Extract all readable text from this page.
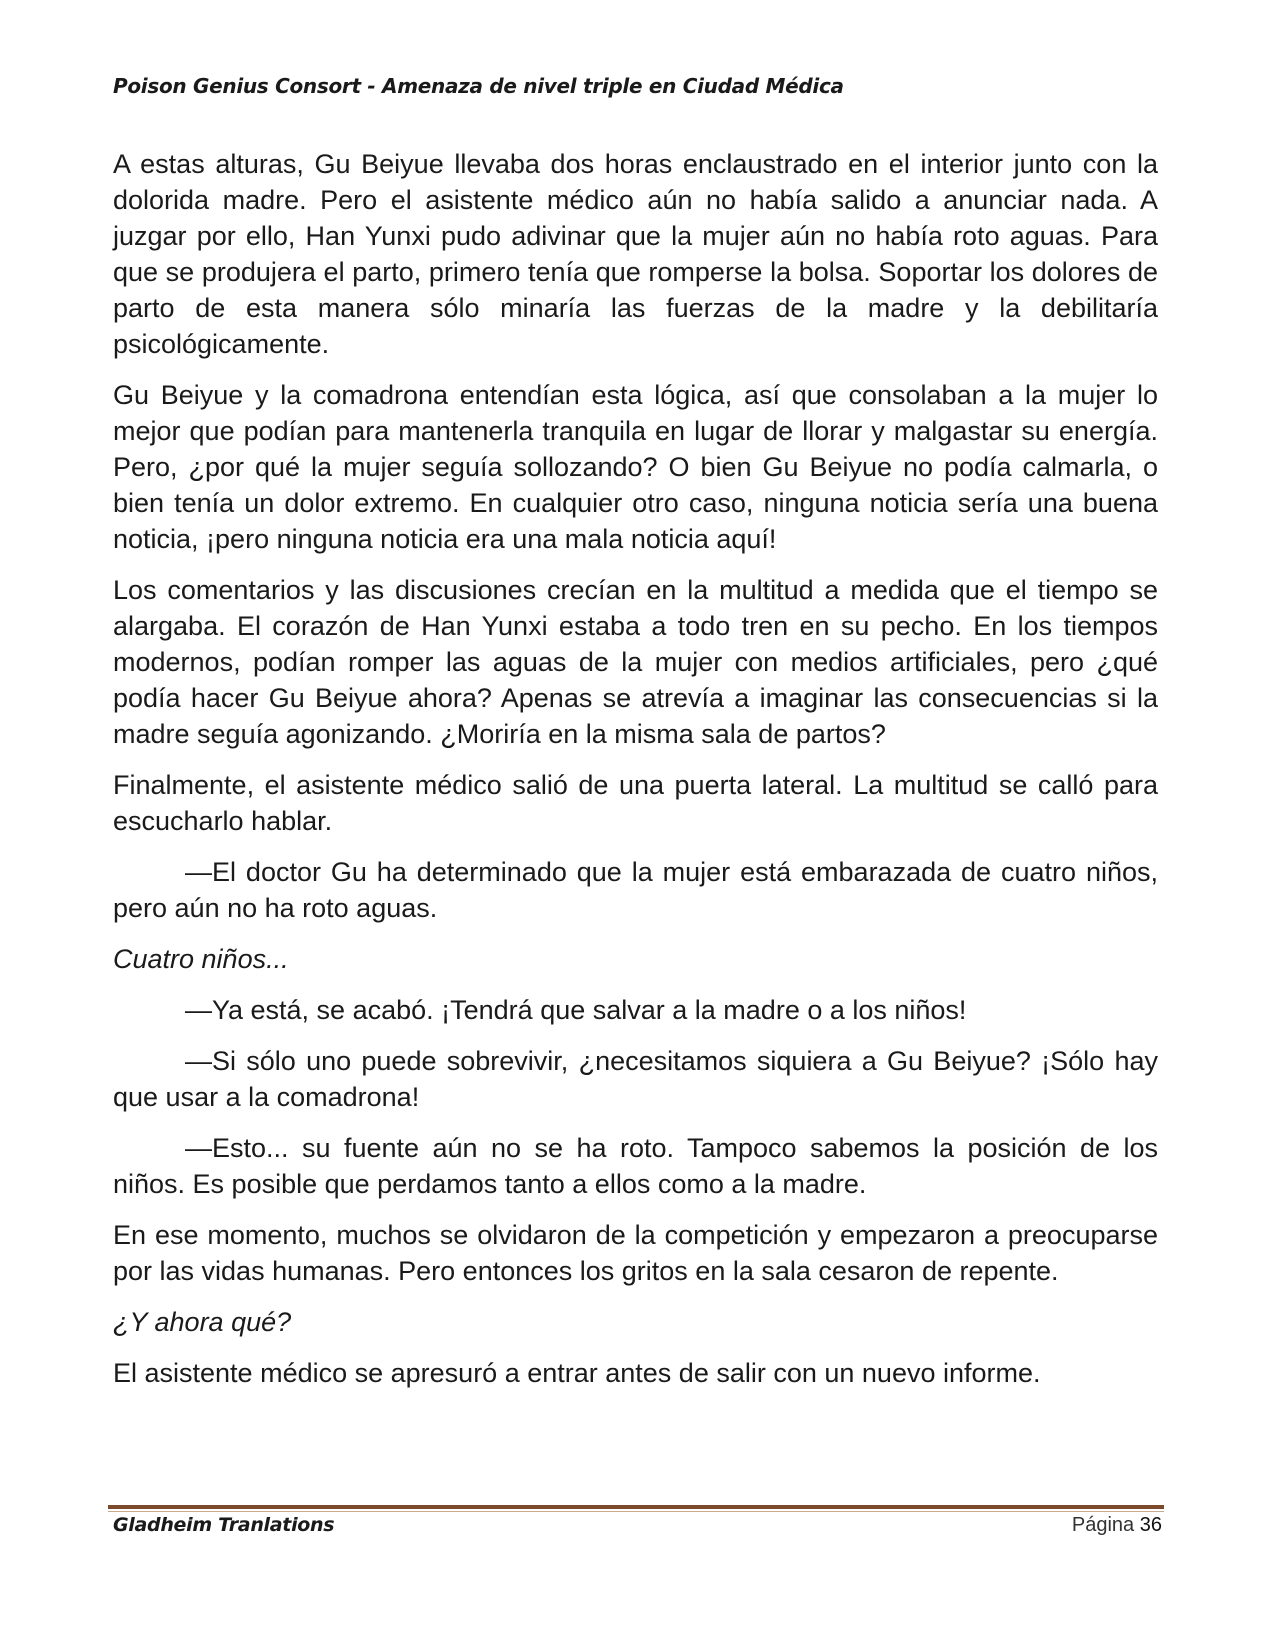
Poison Genius Consort - Amenaza de nivel triple en Ciudad Médica

A estas alturas, Gu Beiyue llevaba dos horas enclaustrado en el interior junto con la dolorida madre. Pero el asistente médico aún no había salido a anunciar nada. A juzgar por ello, Han Yunxi pudo adivinar que la mujer aún no había roto aguas. Para que se produjera el parto, primero tenía que romperse la bolsa. Soportar los dolores de parto de esta manera sólo minaría las fuerzas de la madre y la debilitaría psicológicamente.

Gu Beiyue y la comadrona entendían esta lógica, así que consolaban a la mujer lo mejor que podían para mantenerla tranquila en lugar de llorar y malgastar su energía. Pero, ¿por qué la mujer seguía sollozando? O bien Gu Beiyue no podía calmarla, o bien tenía un dolor extremo. En cualquier otro caso, ninguna noticia sería una buena noticia, ¡pero ninguna noticia era una mala noticia aquí!

Los comentarios y las discusiones crecían en la multitud a medida que el tiempo se alargaba. El corazón de Han Yunxi estaba a todo tren en su pecho. En los tiempos modernos, podían romper las aguas de la mujer con medios artificiales, pero ¿qué podía hacer Gu Beiyue ahora? Apenas se atrevía a imaginar las consecuencias si la madre seguía agonizando. ¿Moriría en la misma sala de partos?

Finalmente, el asistente médico salió de una puerta lateral. La multitud se calló para escucharlo hablar.

—El doctor Gu ha determinado que la mujer está embarazada de cuatro niños, pero aún no ha roto aguas.

Cuatro niños...

—Ya está, se acabó. ¡Tendrá que salvar a la madre o a los niños!

—Si sólo uno puede sobrevivir, ¿necesitamos siquiera a Gu Beiyue? ¡Sólo hay que usar a la comadrona!

—Esto... su fuente aún no se ha roto. Tampoco sabemos la posición de los niños. Es posible que perdamos tanto a ellos como a la madre.

En ese momento, muchos se olvidaron de la competición y empezaron a preocuparse por las vidas humanas. Pero entonces los gritos en la sala cesaron de repente.

¿Y ahora qué?

El asistente médico se apresuró a entrar antes de salir con un nuevo informe.

Gladheim Tranlations	Página 36
